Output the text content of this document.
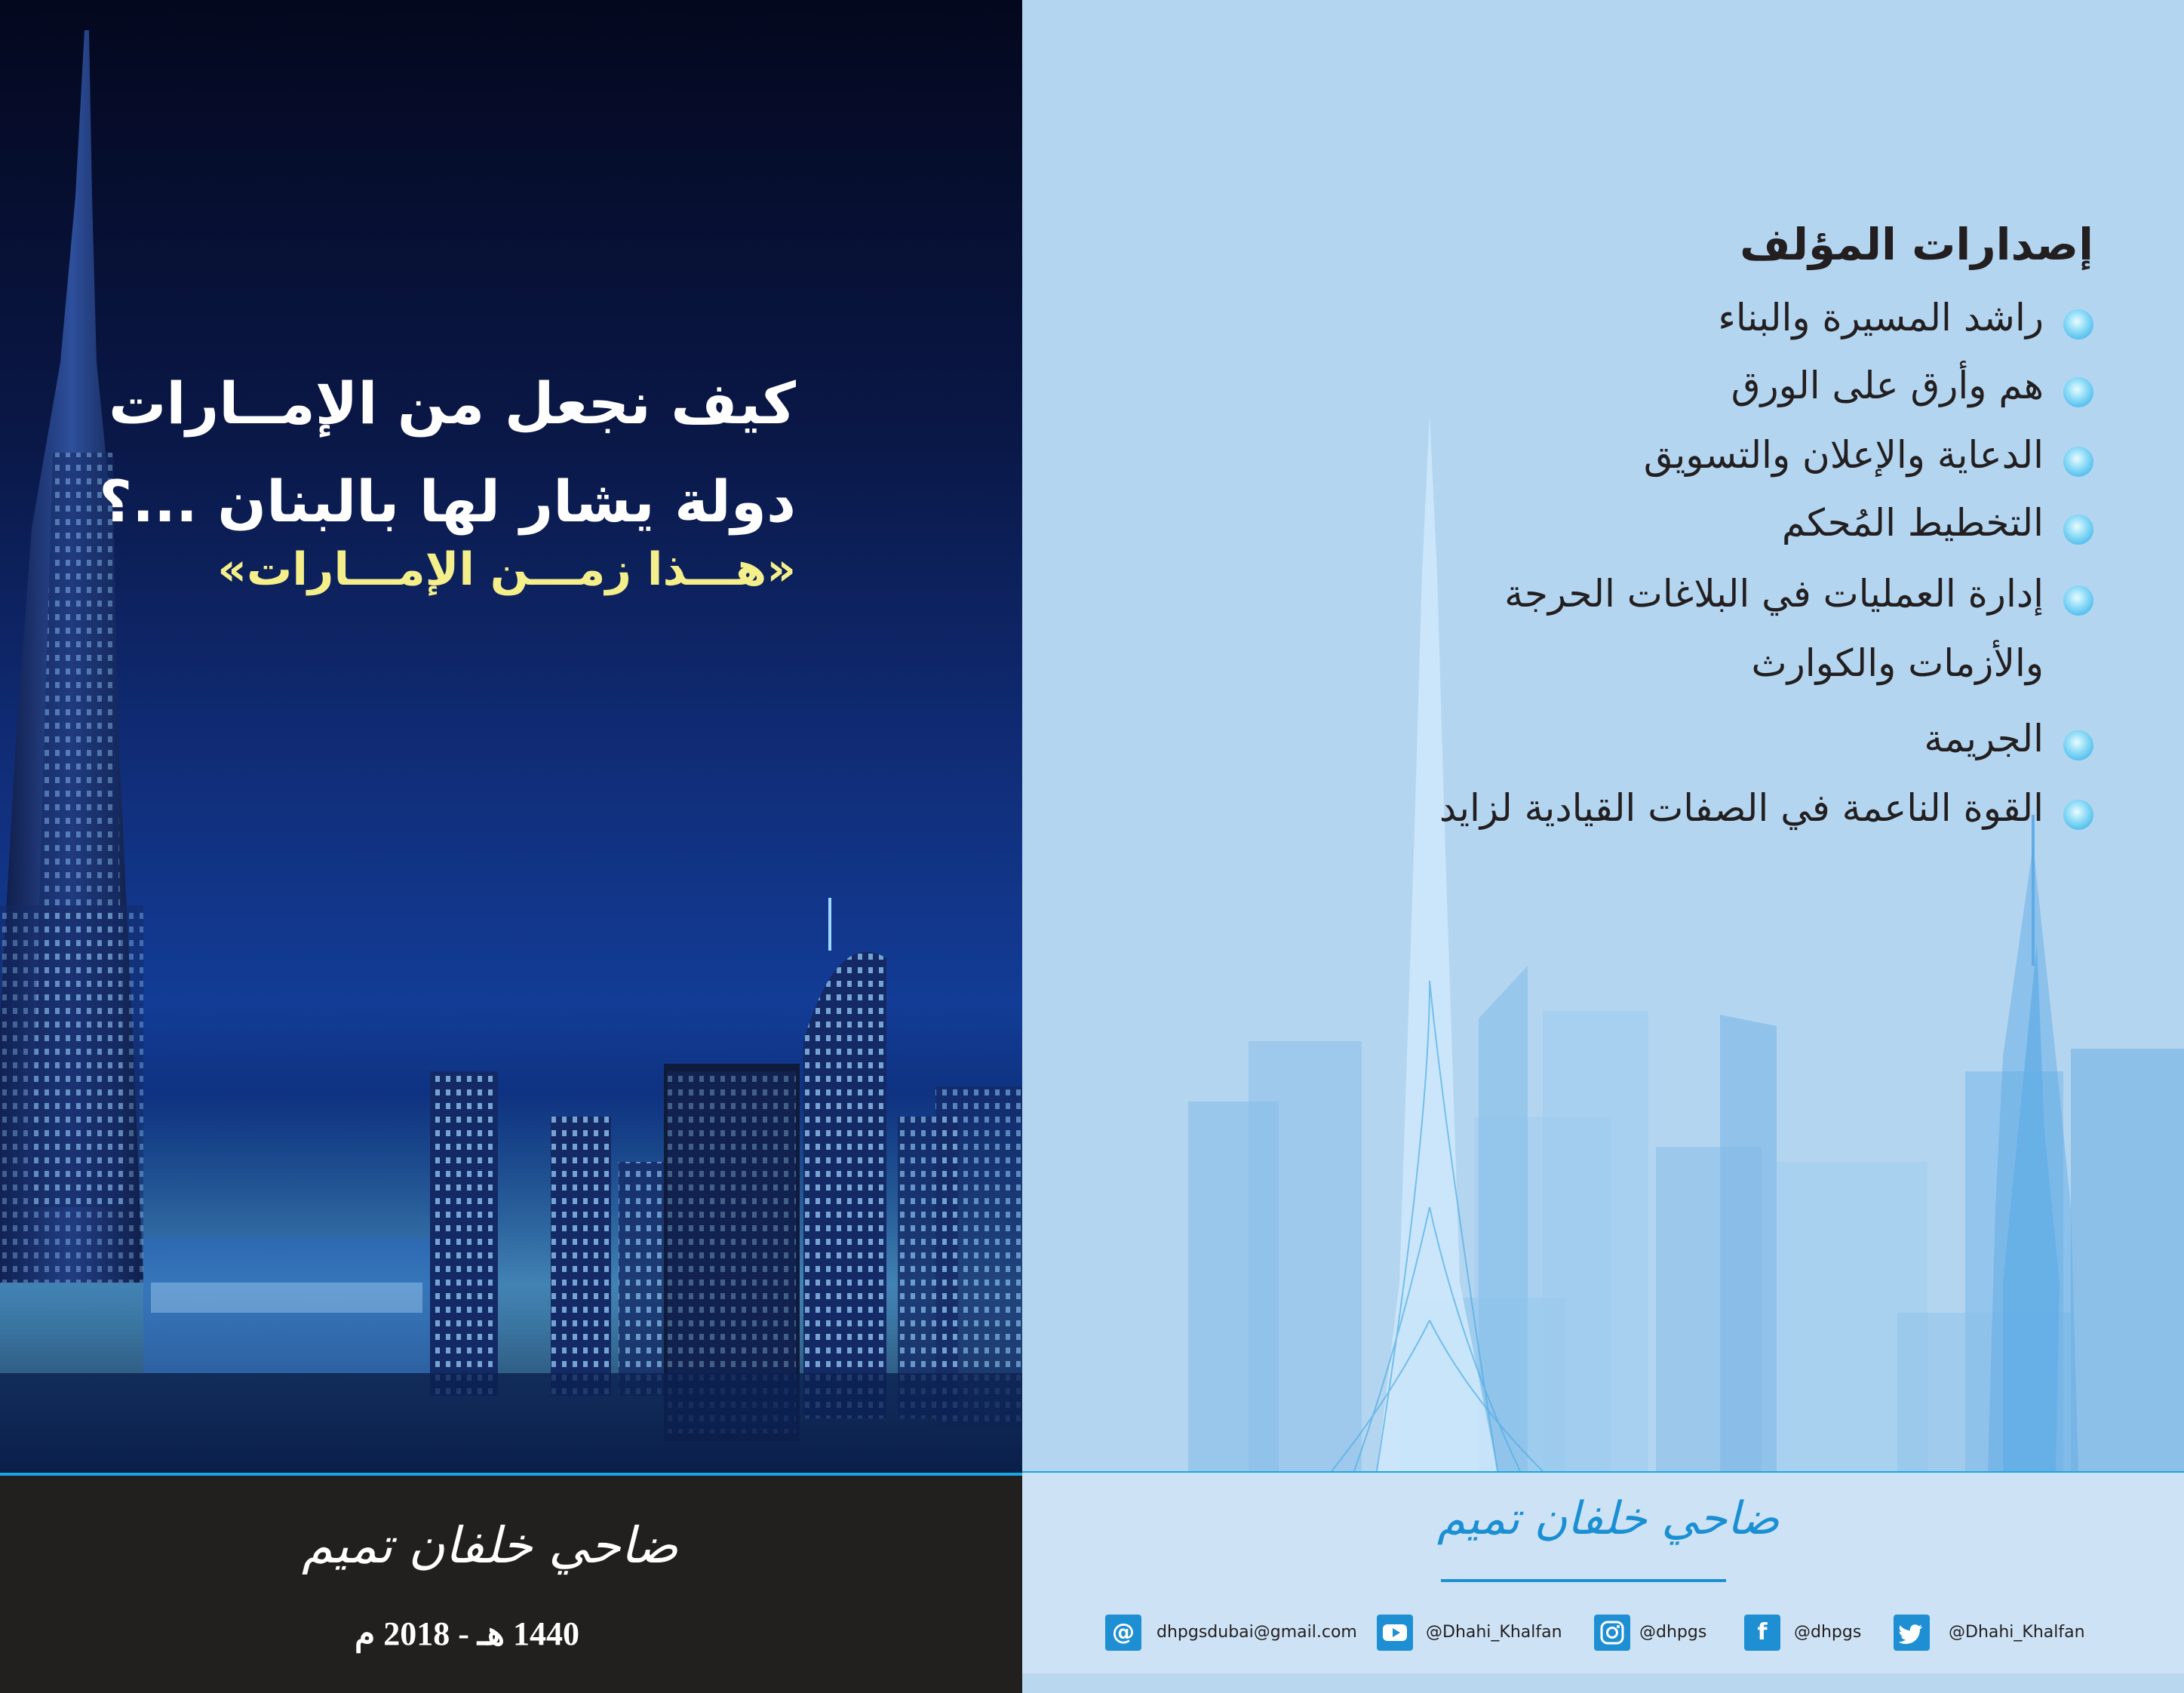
كيف نجعل من الإمــارات
دولة يشار لها بالبنان ...؟
«هـــذا زمـــن الإمـــارات»
ضاحي خلفان تميم
1440 هـ - 2018 م
إصدارات المؤلف
راشد المسيرة والبناء
هم وأرق على الورق
الدعاية والإعلان والتسويق
التخطيط المُحكم
إدارة العمليات في البلاغات الحرجة
والأزمات والكوارث
الجريمة
القوة الناعمة في الصفات القيادية لزايد
ضاحي خلفان تميم
@	dhpgsdubai@gmail.com	@Dhahi_Khalfan	@dhpgs	f	@dhpgs	@Dhahi_Khalfan
